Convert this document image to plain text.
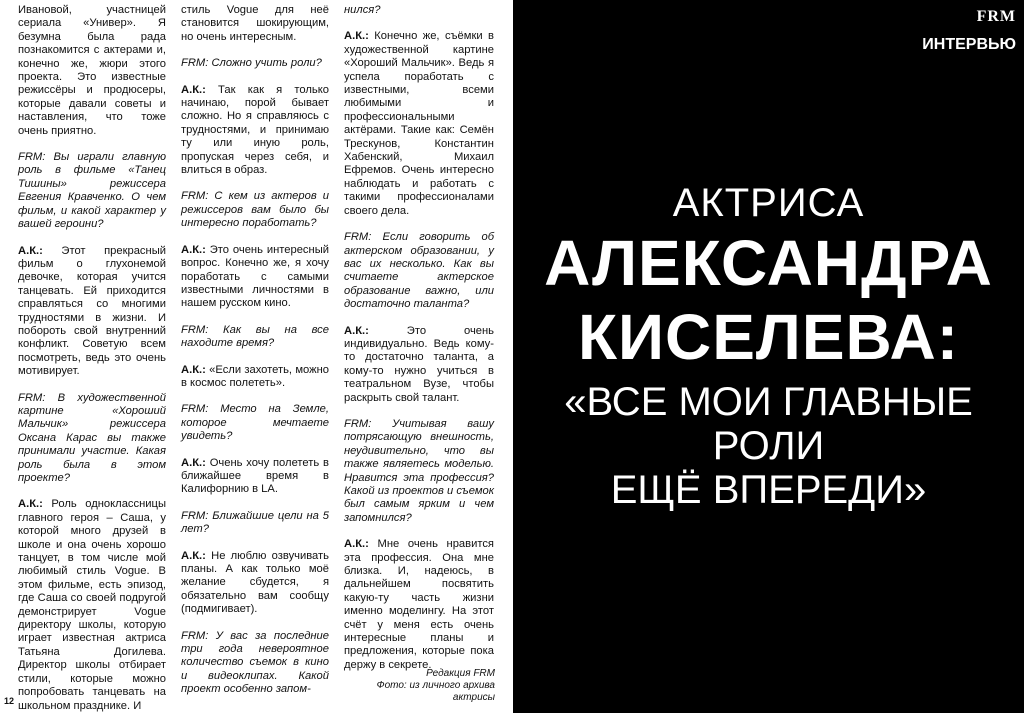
Ивановой, участницей сериала «Универ». Я безумна была рада познакомится с актерами и, конечно же, жюри этого проекта. Это известные режиссёры и продюсеры, которые давали советы и наставления, что тоже очень приятно.

FRM: Вы играли главную роль в фильме «Танец Тишины» режиссера Евгения Кравченко. О чем фильм, и какой характер у вашей героини?

А.К.: Этот прекрасный фильм о глухонемой девочке, которая учится танцевать. Ей приходится справляться со многими трудностями в жизни. И побороть свой внутренний конфликт. Советую всем посмотреть, ведь это очень мотивирует.

FRM: В художественной картине «Хороший Мальчик» режиссера Оксана Карас вы также принимали участие. Какая роль была в этом проекте?

А.К.: Роль одноклассницы главного героя – Саша, у которой много друзей в школе и она очень хорошо танцует, в том числе мой любимый стиль Vogue. В этом фильме, есть эпизод, где Саша со своей подругой демонстрирует Vogue директору школы, которую играет известная актриса Татьяна Догилева. Директор школы отбирает стили, которые можно попробовать танцевать на школьном празднике. И

стиль Vogue для неё становится шокирующим, но очень интересным.

FRM: Сложно учить роли?

А.К.: Так как я только начинаю, порой бывает сложно. Но я справляюсь с трудностями, и принимаю ту или иную роль, пропуская через себя, и влиться в образ.

FRM: С кем из актеров и режиссеров вам было бы интересно поработать?

А.К.: Это очень интересный вопрос. Конечно же, я хочу поработать с самыми известными личностями в нашем русском кино.

FRM: Как вы на все находите время?

А.К.: «Если захотеть, можно в космос полететь».

FRM: Место на Земле, которое мечтаете увидеть?

А.К.: Очень хочу полететь в ближайшее время в Калифорнию в LA.

FRM: Ближайшие цели на 5 лет?

А.К.: Не люблю озвучивать планы. А как только моё желание сбудется, я обязательно вам сообщу (подмигивает).

FRM: У вас за последние три года невероятное количество съемок в кино и видеоклипах. Какой проект особенно запом-

нился?

А.К.: Конечно же, съёмки в художественной картине «Хороший Мальчик». Ведь я успела поработать с известными, всеми любимыми и профессиональными актёрами. Такие как: Семён Трескунов, Константин Хабенский, Михаил Ефремов. Очень интересно наблюдать и работать с такими профессионалами своего дела.

FRM: Если говорить об актерском образовании, у вас их несколько. Как вы считаете актерское образование важно, или достаточно таланта?

А.К.: Это очень индивидуально. Ведь кому-то достаточно таланта, а кому-то нужно учиться в театральном Вузе, чтобы раскрыть свой талант.

FRM: Учитывая вашу потрясающую внешность, неудивительно, что вы также являетесь моделью. Нравится эта профессия? Какой из проектов и съемок был самым ярким и чем запомнился?

А.К.: Мне очень нравится эта профессия. Она мне близка. И, надеюсь, в дальнейшем посвятить какую-ту часть жизни именно моделингу. На этот счёт у меня есть очень интересные планы и предложения, которые пока держу в секрете.

Редакция FRM
Фото: из личного архива
актрисы
12
FRM
ИНТЕРВЬЮ
АКТРИСА
АЛЕКСАНДРА
КИСЕЛЕВА:
«ВСЕ МОИ ГЛАВНЫЕ
РОЛИ
ЕЩЁ ВПЕРЕДИ»
